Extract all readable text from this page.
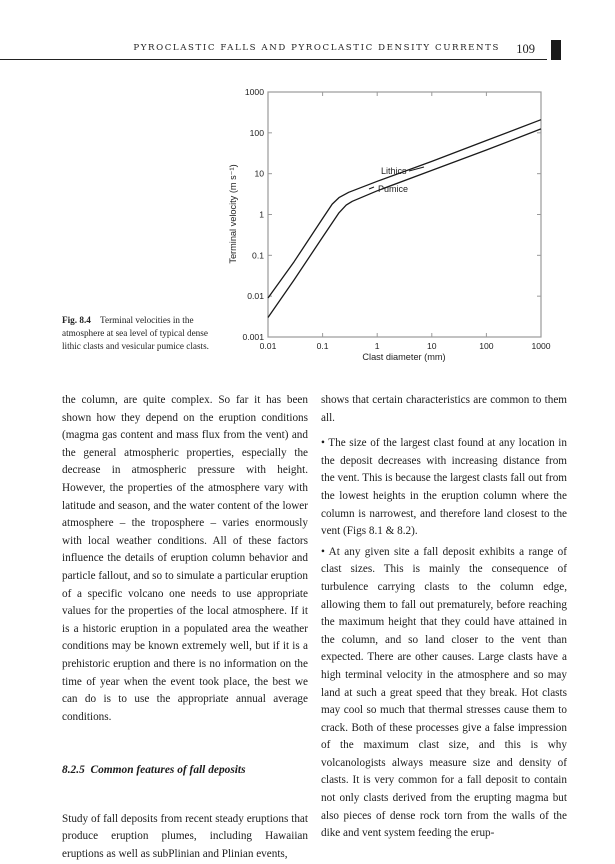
PYROCLASTIC FALLS AND PYROCLASTIC DENSITY CURRENTS 109
0.001
0.01
0.1
1
10
100
1000
0.01	0.1	1	10	100	1000
Lithics
Pumice
Clast diameter (mm)
Terminal velocity (m s⁻¹)
Fig. 8.4  Terminal velocities in the atmosphere at sea level of typical dense lithic clasts and vesicular pumice clasts.

the column, are quite complex. So far it has been shown how they depend on the eruption conditions (magma gas content and mass flux from the vent) and the general atmospheric properties, especially the decrease in atmospheric pressure with height. However, the properties of the atmosphere vary with latitude and season, and the water content of the lower atmosphere – the troposphere – varies enormously with local weather conditions. All of these factors influence the details of eruption column behavior and particle fallout, and so to simulate a particular eruption of a specific volcano one needs to use appropriate values for the properties of the local atmosphere. If it is a historic eruption in a populated area the weather conditions may be known extremely well, but if it is a prehistoric eruption and there is no information on the time of year when the event took place, the best we can do is to use the appropriate annual average conditions.

8.2.5  Common features of fall deposits

Study of fall deposits from recent steady eruptions that produce eruption plumes, including Hawaiian eruptions as well as subPlinian and Plinian events,

shows that certain characteristics are common to them all.

• The size of the largest clast found at any location in the deposit decreases with increasing distance from the vent. This is because the largest clasts fall out from the lowest heights in the eruption column where the column is narrowest, and therefore land closest to the vent (Figs 8.1 & 8.2).

• At any given site a fall deposit exhibits a range of clast sizes. This is mainly the consequence of turbulence carrying clasts to the column edge, allowing them to fall out prematurely, before reaching the maximum height that they could have attained in the column, and so land closer to the vent than expected. There are other causes. Large clasts have a high terminal velocity in the atmosphere and so may land at such a great speed that they break. Hot clasts may cool so much that thermal stresses cause them to crack. Both of these processes give a false impression of the maximum clast size, and this is why volcanologists always measure size and density of clasts. It is very common for a fall deposit to contain not only clasts derived from the erupting magma but also pieces of dense rock torn from the walls of the dike and vent system feeding the erup-
